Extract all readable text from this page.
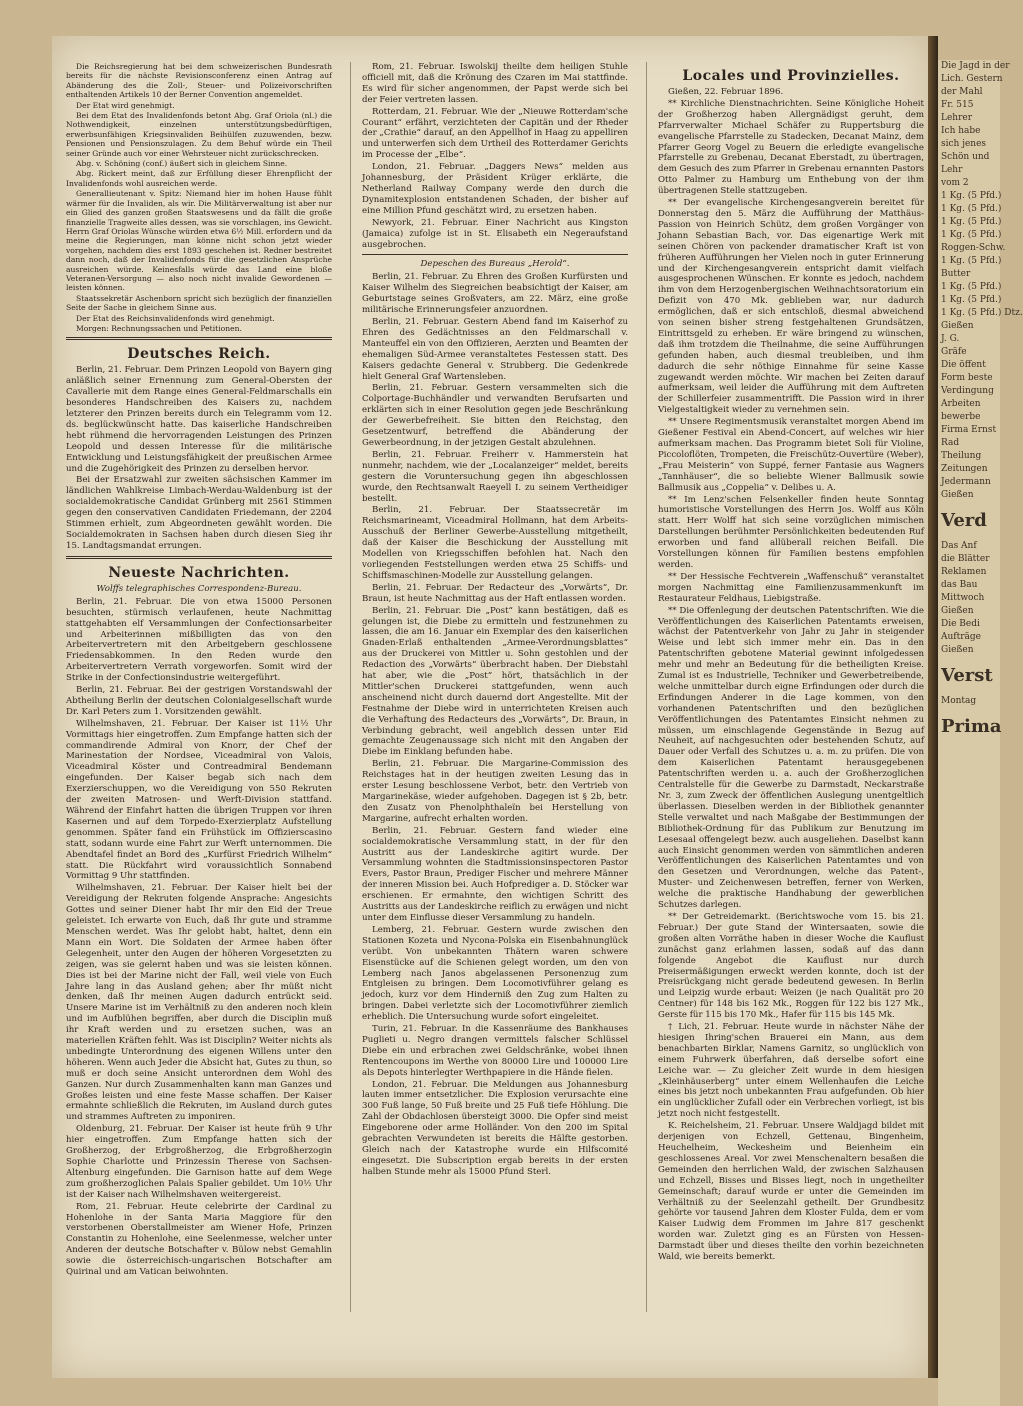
Die Jagd in der
Lich. Gestern
der Mahl
Fr. 515
Lehrer
Ich habe
sich jenes
Schön und
Lehr
vom 2
1 Kg. (5 Pfd.)
1 Kg. (5 Pfd.)
1 Kg. (5 Pfd.)
1 Kg. (5 Pfd.)
Roggen-Schw.
1 Kg. (5 Pfd.)
Butter
1 Kg. (5 Pfd.)
1 Kg. (5 Pfd.)
1 Kg. (5 Pfd.) Dtz.
Gießen
J. G.
Gräfe
Die öffent
Form beste
Verdingung
Arbeiten
bewerbe
Firma Ernst
Rad
Theilung
Zeitungen
Jedermann
Gießen
Verd
Das Anf
die Blätter
Reklamen
das Bau
Mittwoch
Gießen
Die Bedi
Aufträge
Gießen
Verst
Montag
Prima

Die Reichsregierung hat bei dem schweizerischen Bundesrath bereits für die nächste Revisionsconferenz einen Antrag auf Abänderung des die Zoll-, Steuer- und Polizeivorschriften enthaltenden Artikels 10 der Berner Convention angemeldet.

Der Etat wird genehmigt.

Bei dem Etat des Invalidenfonds betont Abg. Graf Oriola (nl.) die Nothwendigkeit, einzelnen unterstützungsbedürftigen, erwerbsunfähigen Kriegsinvaliden Beihülfen zuzuwenden, bezw. Pensionen und Pensionszulagen. Zu dem Behuf würde ein Theil seiner Gründe auch vor einer Wehrsteuer nicht zurückschrecken.

Abg. v. Schöning (conf.) äußert sich in gleichem Sinne.

Abg. Rickert meint, daß zur Erfüllung dieser Ehrenpflicht der Invalidenfonds wohl ausreichen werde.

Generallieutenant v. Spitz: Niemand hier im hohen Hause fühlt wärmer für die Invaliden, als wir. Die Militärverwaltung ist aber nur ein Glied des ganzen großen Staatswesens und da fällt die große finanzielle Tragweite alles dessen, was sie vorschlagen, ins Gewicht. Herrn Graf Oriolas Wünsche würden etwa 6½ Mill. erfordern und da meine die Regierungen, man könne nicht schon jetzt wieder vorgehen, nachdem dies erst 1893 geschehen ist. Redner bestreitet dann noch, daß der Invalidenfonds für die gesetzlichen Ansprüche ausreichen würde. Keinesfalls würde das Land eine bloße Veteranen-Versorgung — also noch nicht invalide Gewordenen — leisten können.

Staatssekretär Aschenborn spricht sich bezüglich der finanziellen Seite der Sache in gleichem Sinne aus.

Der Etat des Reichsinvalidenfonds wird genehmigt.

Morgen: Rechnungssachen und Petitionen.

Deutsches Reich.

Berlin, 21. Februar. Dem Prinzen Leopold von Bayern ging anläßlich seiner Ernennung zum General-Obersten der Cavallerie mit dem Range eines General-Feldmarschalls ein besonderes Handschreiben des Kaisers zu, nachdem letzterer den Prinzen bereits durch ein Telegramm vom 12. ds. beglückwünscht hatte. Das kaiserliche Handschreiben hebt rühmend die hervorragenden Leistungen des Prinzen Leopold und dessen Interesse für die militärische Entwicklung und Leistungsfähigkeit der preußischen Armee und die Zugehörigkeit des Prinzen zu derselben hervor.

Bei der Ersatzwahl zur zweiten sächsischen Kammer im ländlichen Wahlkreise Limbach-Werdau-Waldenburg ist der socialdemokratische Candidat Grünberg mit 2561 Stimmen gegen den conservativen Candidaten Friedemann, der 2204 Stimmen erhielt, zum Abgeordneten gewählt worden. Die Socialdemokraten in Sachsen haben durch diesen Sieg ihr 15. Landtagsmandat errungen.

Neueste Nachrichten.
Wolffs telegraphisches Correspondenz-Bureau.

Berlin, 21. Februar. Die von etwa 15000 Personen besuchten, stürmisch verlaufenen, heute Nachmittag stattgehabten elf Versammlungen der Confectionsarbeiter und Arbeiterinnen mißbilligten das von den Arbeitervertretern mit den Arbeitgebern geschlossene Friedensabkommen. In den Reden wurde den Arbeitervertretern Verrath vorgeworfen. Somit wird der Strike in der Confectionsindustrie weitergeführt.

Berlin, 21. Februar. Bei der gestrigen Vorstandswahl der Abtheilung Berlin der deutschen Colonialgesellschaft wurde Dr. Karl Peters zum 1. Vorsitzenden gewählt.

Wilhelmshaven, 21. Februar. Der Kaiser ist 11½ Uhr Vormittags hier eingetroffen. Zum Empfange hatten sich der commandirende Admiral von Knorr, der Chef der Marinestation der Nordsee, Viceadmiral von Valois, Viceadmiral Köster und Contreadmiral Bendemann eingefunden. Der Kaiser begab sich nach dem Exerzierschuppen, wo die Vereidigung von 550 Rekruten der zweiten Matrosen- und Werft-Division stattfand. Während der Einfahrt hatten die übrigen Truppen vor ihren Kasernen und auf dem Torpedo-Exerzierplatz Aufstellung genommen. Später fand ein Frühstück im Offizierscasino statt, sodann wurde eine Fahrt zur Werft unternommen. Die Abendtafel findet an Bord des „Kurfürst Friedrich Wilhelm“ statt. Die Rückfahrt wird voraussichtlich Sonnabend Vormittag 9 Uhr stattfinden.

Wilhelmshaven, 21. Februar. Der Kaiser hielt bei der Vereidigung der Rekruten folgende Ansprache: Angesichts Gottes und seiner Diener habt Ihr mir den Eid der Treue geleistet. Ich erwarte von Euch, daß Ihr gute und stramme Menschen werdet. Was Ihr gelobt habt, haltet, denn ein Mann ein Wort. Die Soldaten der Armee haben öfter Gelegenheit, unter den Augen der höheren Vorgesetzten zu zeigen, was sie gelernt haben und was sie leisten können. Dies ist bei der Marine nicht der Fall, weil viele von Euch Jahre lang in das Ausland gehen; aber Ihr müßt nicht denken, daß Ihr meinen Augen dadurch entrückt seid. Unsere Marine ist im Verhältniß zu den anderen noch klein und im Aufblühen begriffen, aber durch die Disciplin muß ihr Kraft werden und zu ersetzen suchen, was an materiellen Kräften fehlt. Was ist Disciplin? Weiter nichts als unbedingte Unterordnung des eigenen Willens unter den höheren. Wenn auch Jeder die Absicht hat, Gutes zu thun, so muß er doch seine Ansicht unterordnen dem Wohl des Ganzen. Nur durch Zusammenhalten kann man Ganzes und Großes leisten und eine feste Masse schaffen. Der Kaiser ermahnte schließlich die Rekruten, im Ausland durch gutes und strammes Auftreten zu imponiren.

Oldenburg, 21. Februar. Der Kaiser ist heute früh 9 Uhr hier eingetroffen. Zum Empfange hatten sich der Großherzog, der Erbgroßherzog, die Erbgroßherzogin Sophie Charlotte und Prinzessin Therese von Sachsen-Altenburg eingefunden. Die Garnison hatte auf dem Wege zum großherzoglichen Palais Spalier gebildet. Um 10½ Uhr ist der Kaiser nach Wilhelmshaven weitergereist.

Rom, 21. Februar. Heute celebrirte der Cardinal zu Hohenlohe in der Santa Maria Maggiore für den verstorbenen Oberstallmeister am Wiener Hofe, Prinzen Constantin zu Hohenlohe, eine Seelenmesse, welcher unter Anderen der deutsche Botschafter v. Bülow nebst Gemahlin sowie die österreichisch-ungarischen Botschafter am Quirinal und am Vatican beiwohnten.

Rom, 21. Februar. Iswolskij theilte dem heiligen Stuhle officiell mit, daß die Krönung des Czaren im Mai stattfinde. Es wird für sicher angenommen, der Papst werde sich bei der Feier vertreten lassen.

Rotterdam, 21. Februar. Wie der „Nieuwe Rotterdam'sche Courant“ erfährt, verzichteten der Capitän und der Rheder der „Crathie“ darauf, an den Appellhof in Haag zu appelliren und unterwerfen sich dem Urtheil des Rotterdamer Gerichts im Processe der „Elbe“.

London, 21. Februar. „Daggers News“ melden aus Johannesburg, der Präsident Krüger erklärte, die Netherland Railway Company werde den durch die Dynamitexplosion entstandenen Schaden, der bisher auf eine Million Pfund geschätzt wird, zu ersetzen haben.

Newyork, 21. Februar. Einer Nachricht aus Kingston (Jamaica) zufolge ist in St. Elisabeth ein Negeraufstand ausgebrochen.

Depeschen des Bureaus „Herold“.

Berlin, 21. Februar. Zu Ehren des Großen Kurfürsten und Kaiser Wilhelm des Siegreichen beabsichtigt der Kaiser, am Geburtstage seines Großvaters, am 22. März, eine große militärische Erinnerungsfeier anzuordnen.

Berlin, 21. Februar. Gestern Abend fand im Kaiserhof zu Ehren des Gedächtnisses an den Feldmarschall v. Manteuffel ein von den Offizieren, Aerzten und Beamten der ehemaligen Süd-Armee veranstaltetes Festessen statt. Des Kaisers gedachte General v. Strubberg. Die Gedenkrede hielt General Graf Wartensleben.

Berlin, 21. Februar. Gestern versammelten sich die Colportage-Buchhändler und verwandten Berufsarten und erklärten sich in einer Resolution gegen jede Beschränkung der Gewerbefreiheit. Sie bitten den Reichstag, den Gesetzentwurf, betreffend die Abänderung der Gewerbeordnung, in der jetzigen Gestalt abzulehnen.

Berlin, 21. Februar. Freiherr v. Hammerstein hat nunmehr, nachdem, wie der „Localanzeiger“ meldet, bereits gestern die Voruntersuchung gegen ihn abgeschlossen wurde, den Rechtsanwalt Raeyell I. zu seinem Vertheidiger bestellt.

Berlin, 21. Februar. Der Staatssecretär im Reichsmarineamt, Viceadmiral Hollmann, hat dem Arbeits-Ausschuß der Berliner Gewerbe-Ausstellung mitgetheilt, daß der Kaiser die Beschickung der Ausstellung mit Modellen von Kriegsschiffen befohlen hat. Nach den vorliegenden Feststellungen werden etwa 25 Schiffs- und Schiffsmaschinen-Modelle zur Ausstellung gelangen.

Berlin, 21. Februar. Der Redacteur des „Vorwärts“, Dr. Braun, ist heute Nachmittag aus der Haft entlassen worden.

Berlin, 21. Februar. Die „Post“ kann bestätigen, daß es gelungen ist, die Diebe zu ermitteln und festzunehmen zu lassen, die am 16. Januar ein Exemplar des den kaiserlichen Gnaden-Erlaß enthaltenden „Armee-Verordnungsblattes“ aus der Druckerei von Mittler u. Sohn gestohlen und der Redaction des „Vorwärts“ überbracht haben. Der Diebstahl hat aber, wie die „Post“ hört, thatsächlich in der Mittler'schen Druckerei stattgefunden, wenn auch anscheinend nicht durch dauernd dort Angestellte. Mit der Festnahme der Diebe wird in unterrichteten Kreisen auch die Verhaftung des Redacteurs des „Vorwärts“, Dr. Braun, in Verbindung gebracht, weil angeblich dessen unter Eid gemachte Zeugenaussage sich nicht mit den Angaben der Diebe im Einklang befunden habe.

Berlin, 21. Februar. Die Margarine-Commission des Reichstages hat in der heutigen zweiten Lesung das in erster Lesung beschlossene Verbot, betr. den Vertrieb von Margarinekäse, wieder aufgehoben. Dagegen ist § 2b, betr. den Zusatz von Phenolphthaleïn bei Herstellung von Margarine, aufrecht erhalten worden.

Berlin, 21. Februar. Gestern fand wieder eine socialdemokratische Versammlung statt, in der für den Austritt aus der Landeskirche agitirt wurde. Der Versammlung wohnten die Stadtmissionsinspectoren Pastor Evers, Pastor Braun, Prediger Fischer und mehrere Männer der inneren Mission bei. Auch Hofprediger a. D. Stöcker war erschienen. Er ermahnte, den wichtigen Schritt des Austritts aus der Landeskirche reiflich zu erwägen und nicht unter dem Einflusse dieser Versammlung zu handeln.

Lemberg, 21. Februar. Gestern wurde zwischen den Stationen Kozeta und Nycona-Polska ein Eisenbahnunglück verübt. Von unbekannten Thätern waren schwere Eisenstücke auf die Schienen gelegt worden, um den von Lemberg nach Janos abgelassenen Personenzug zum Entgleisen zu bringen. Dem Locomotivführer gelang es jedoch, kurz vor dem Hinderniß den Zug zum Halten zu bringen. Dabei verletzte sich der Locomotivführer ziemlich erheblich. Die Untersuchung wurde sofort eingeleitet.

Turin, 21. Februar. In die Kassenräume des Bankhauses Puglieti u. Negro drangen vermittels falscher Schlüssel Diebe ein und erbrachen zwei Geldschränke, wobei ihnen Rentencoupons im Werthe von 80000 Lire und 100000 Lire als Depots hinterlegter Werthpapiere in die Hände fielen.

London, 21. Februar. Die Meldungen aus Johannesburg lauten immer entsetzlicher. Die Explosion verursachte eine 300 Fuß lange, 50 Fuß breite und 25 Fuß tiefe Höhlung. Die Zahl der Obdachlosen übersteigt 3000. Die Opfer sind meist Eingeborene oder arme Holländer. Von den 200 im Spital gebrachten Verwundeten ist bereits die Hälfte gestorben. Gleich nach der Katastrophe wurde ein Hilfscomité eingesetzt. Die Subscription ergab bereits in der ersten halben Stunde mehr als 15000 Pfund Sterl.

Locales und Provinzielles.

Gießen, 22. Februar 1896.

** Kirchliche Dienstnachrichten. Seine Königliche Hoheit der Großherzog haben Allergnädigst geruht, dem Pfarrverwalter Michael Schäfer zu Ruppertsburg die evangelische Pfarrstelle zu Stadecken, Decanat Mainz, dem Pfarrer Georg Vogel zu Beuern die erledigte evangelische Pfarrstelle zu Grebenau, Decanat Eberstadt, zu übertragen, dem Gesuch des zum Pfarrer in Grebenau ernannten Pastors Otto Palmer zu Hamburg um Enthebung von der ihm übertragenen Stelle stattzugeben.

** Der evangelische Kirchengesangverein bereitet für Donnerstag den 5. März die Aufführung der Matthäus-Passion von Heinrich Schütz, dem großen Vorgänger von Johann Sebastian Bach, vor. Das eigenartige Werk mit seinen Chören von packender dramatischer Kraft ist von früheren Aufführungen her Vielen noch in guter Erinnerung und der Kirchengesangverein entspricht damit vielfach ausgesprochenen Wünschen. Er konnte es jedoch, nachdem ihm von dem Herzogenbergischen Weihnachtsoratorium ein Defizit von 470 Mk. geblieben war, nur dadurch ermöglichen, daß er sich entschloß, diesmal abweichend von seinen bisher streng festgehaltenen Grundsätzen, Eintrittsgeld zu erheben. Er wäre bringend zu wünschen, daß ihm trotzdem die Theilnahme, die seine Aufführungen gefunden haben, auch diesmal treubleiben, und ihm dadurch die sehr nöthige Einnahme für seine Kasse zugewandt werden möchte. Wir machen bei Zeiten darauf aufmerksam, weil leider die Aufführung mit dem Auftreten der Schillerfeier zusammentrifft. Die Passion wird in ihrer Vielgestaltigkeit wieder zu vernehmen sein.

** Unsere Regimentsmusik veranstaltet morgen Abend im Gießener Festival ein Abend-Concert, auf welches wir hier aufmerksam machen. Das Programm bietet Soli für Violine, Piccoloflöten, Trompeten, die Freischütz-Ouvertüre (Weber), „Frau Meisterin“ von Suppé, ferner Fantasie aus Wagners „Tannhäuser“, die so beliebte Wiener Ballmusik sowie Ballmusik aus „Coppelia“ v. Delibes u. A.

** Im Lenz'schen Felsenkeller finden heute Sonntag humoristische Vorstellungen des Herrn Jos. Wolff aus Köln statt. Herr Wolff hat sich seine vorzüglichen mimischen Darstellungen berühmter Persönlichkeiten bedeutenden Ruf erworben und fand allüberall reichen Beifall. Die Vorstellungen können für Familien bestens empfohlen werden.

** Der Hessische Fechtverein „Waffenschuß“ veranstaltet morgen Nachmittag eine Familienzusammenkunft im Restaurateur Feldhaus, Liebigstraße.

** Die Offenlegung der deutschen Patentschriften. Wie die Veröffentlichungen des Kaiserlichen Patentamts erweisen, wächst der Patentverkehr von Jahr zu Jahr in steigender Weise und lebt sich immer mehr ein. Das in den Patentschriften gebotene Material gewinnt infolgedessen mehr und mehr an Bedeutung für die betheiligten Kreise. Zumal ist es Industrielle, Techniker und Gewerbetreibende, welche unmittelbar durch eigne Erfindungen oder durch die Erfindungen Anderer in die Lage kommen, von den vorhandenen Patentschriften und den bezüglichen Veröffentlichungen des Patentamtes Einsicht nehmen zu müssen, um einschlagende Gegenstände in Bezug auf Neuheit, auf nachgesuchten oder bestehenden Schutz, auf Dauer oder Verfall des Schutzes u. a. m. zu prüfen. Die von dem Kaiserlichen Patentamt herausgegebenen Patentschriften werden u. a. auch der Großherzoglichen Centralstelle für die Gewerbe zu Darmstadt, Neckarstraße Nr. 3, zum Zweck der öffentlichen Auslegung unentgeltlich überlassen. Dieselben werden in der Bibliothek genannter Stelle verwaltet und nach Maßgabe der Bestimmungen der Bibliothek-Ordnung für das Publikum zur Benutzung im Lesesaal offengelegt bezw. auch ausgeliehen. Daselbst kann auch Einsicht genommen werden von sämmtlichen anderen Veröffentlichungen des Kaiserlichen Patentamtes und von den Gesetzen und Verordnungen, welche das Patent-, Muster- und Zeichenwesen betreffen, ferner von Werken, welche die praktische Handhabung der gewerblichen Schutzes darlegen.

** Der Getreidemarkt. (Berichtswoche vom 15. bis 21. Februar.) Der gute Stand der Wintersaaten, sowie die großen alten Vorräthe haben in dieser Woche die Kauflust zunächst ganz erlahmen lassen, sodaß auf das dann folgende Angebot die Kauflust nur durch Preisermäßigungen erweckt werden konnte, doch ist der Preisrückgang nicht gerade bedeutend gewesen. In Berlin und Leipzig wurde erbaut: Weizen (je nach Qualität pro 20 Centner) für 148 bis 162 Mk., Roggen für 122 bis 127 Mk., Gerste für 115 bis 170 Mk., Hafer für 115 bis 145 Mk.

† Lich, 21. Februar. Heute wurde in nächster Nähe der hiesigen Ihring'schen Brauerei ein Mann, aus dem benachbarten Birklar, Namens Garnitz, so unglücklich von einem Fuhrwerk überfahren, daß derselbe sofort eine Leiche war. — Zu gleicher Zeit wurde in dem hiesigen „Kleinhäuserberg“ unter einem Wellenhaufen die Leiche eines bis jetzt noch unbekannten Frau aufgefunden. Ob hier ein unglücklicher Zufall oder ein Verbrechen vorliegt, ist bis jetzt noch nicht festgestellt.

K. Reichelsheim, 21. Februar. Unsere Waldjagd bildet mit derjenigen von Echzell, Gettenau, Bingenheim, Heuchelheim, Weckesheim und Beienheim ein geschlossenes Areal. Vor zwei Menschenaltern besaßen die Gemeinden den herrlichen Wald, der zwischen Salzhausen und Echzell, Bisses und Bisses liegt, noch in ungetheilter Gemeinschaft; darauf wurde er unter die Gemeinden im Verhältniß zu der Seelenzahl getheilt. Der Grundbesitz gehörte vor tausend Jahren dem Kloster Fulda, dem er vom Kaiser Ludwig dem Frommen im Jahre 817 geschenkt worden war. Zuletzt ging es an Fürsten von Hessen-Darmstadt über und dieses theilte den vorhin bezeichneten Wald, wie bereits bemerkt.
